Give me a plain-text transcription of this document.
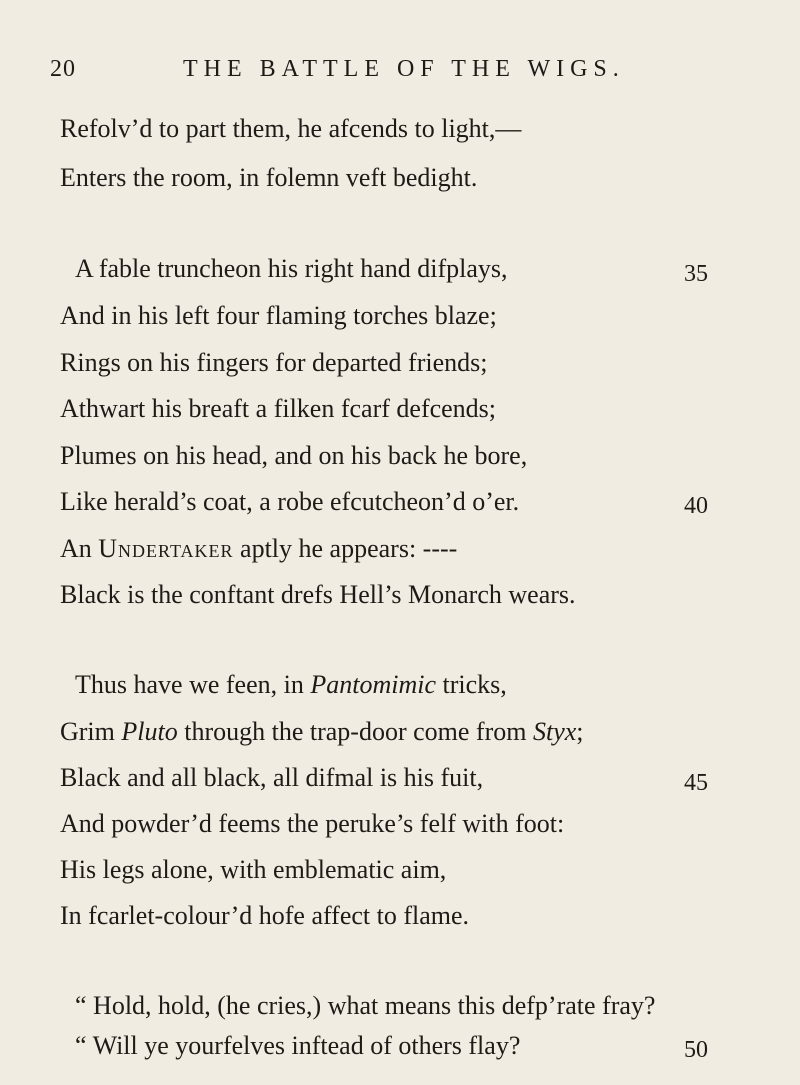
20	THE BATTLE OF THE WIGS.
Refolv’d to part them, he afcends to light,—
Enters the room, in folemn veft bedight.
A fable truncheon his right hand difplays,	35
And in his left four flaming torches blaze;
Rings on his fingers for departed friends;
Athwart his breaft a filken fcarf defcends;
Plumes on his head, and on his back he bore,
Like herald’s coat, a robe efcutcheon’d o’er.	40
An Undertaker aptly he appears: ----
Black is the conftant drefs Hell’s Monarch wears.
Thus have we feen, in Pantomimic tricks,
Grim Pluto through the trap-door come from Styx;
Black and all black, all difmal is his fuit,	45
And powder’d feems the peruke’s felf with foot:
His legs alone, with emblematic aim,
In fcarlet-colour’d hofe affect to flame.
“ Hold, hold, (he cries,) what means this defp’rate fray?
“ Will ye yourfelves inftead of others flay?	50
